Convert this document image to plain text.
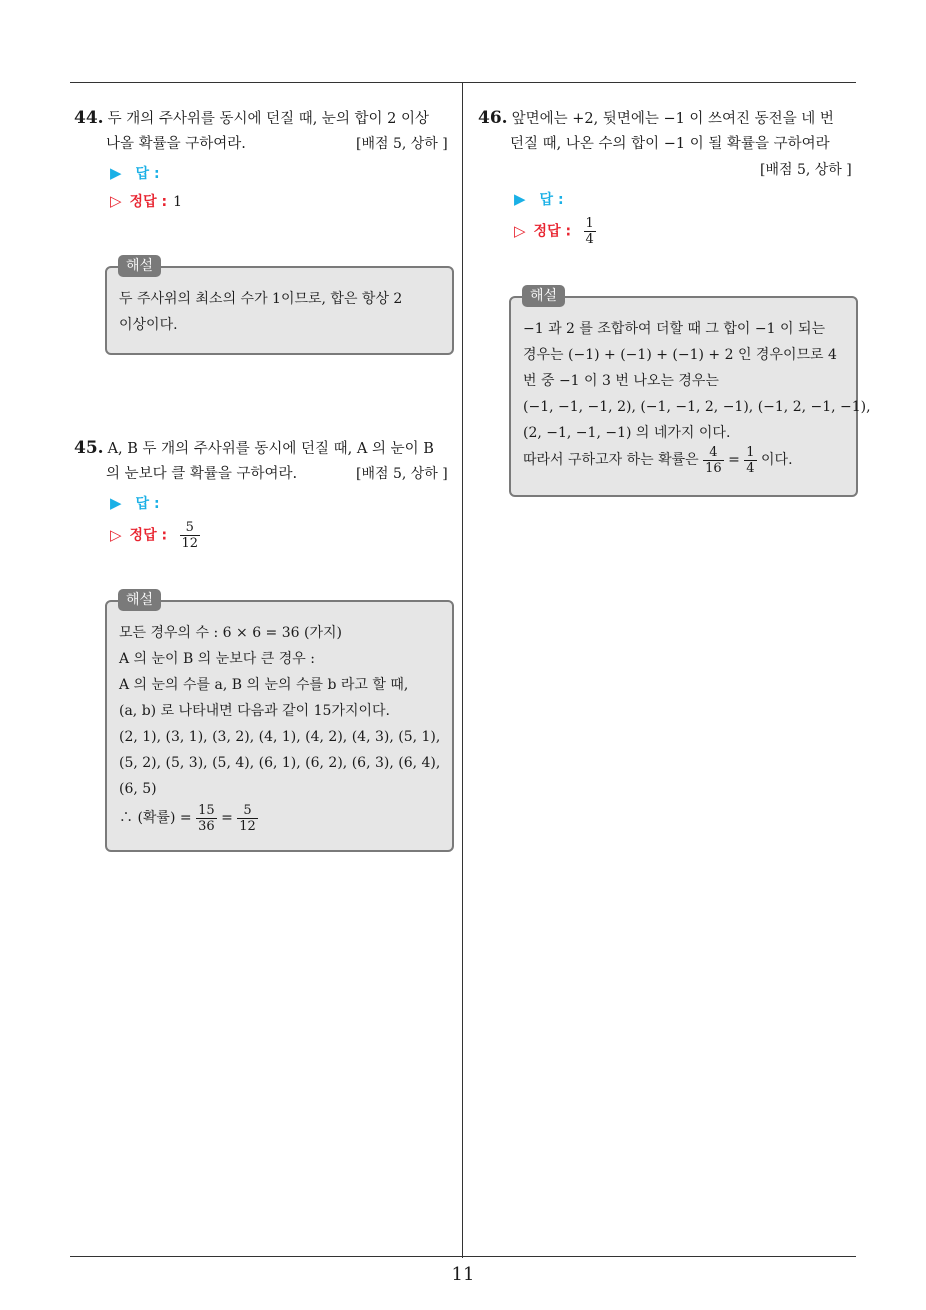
44. 두 개의 주사위를 동시에 던질 때, 눈의 합이 2 이상
나올 확률을 구하여라.	[배점 5, 상하 ]
▶ 답 :
▷ 정답 : 1
두 주사위의 최소의 수가 1이므로, 합은 항상 2
이상이다.
해설
45. A, B 두 개의 주사위를 동시에 던질 때, A 의 눈이 B
의 눈보다 클 확률을 구하여라.	[배점 5, 상하 ]
▶ 답 :
▷ 정답 : $\frac{5}{12}$
모든 경우의 수 : 6 × 6 = 36 (가지)
A 의 눈이 B 의 눈보다 큰 경우 :
A 의 눈의 수를 a, B 의 눈의 수를 b 라고 할 때,
(a, b) 로 나타내면 다음과 같이 15가지이다.
(2, 1), (3, 1), (3, 2), (4, 1), (4, 2), (4, 3), (5, 1),
(5, 2), (5, 3), (5, 4), (6, 1), (6, 2), (6, 3), (6, 4),
(6, 5)
∴ (확률) = $\frac{15}{36} = \frac{5}{12}$
해설
46. 앞면에는 +2, 뒷면에는 −1 이 쓰여진 동전을 네 번
던질 때, 나온 수의 합이 −1 이 될 확률을 구하여라
[배점 5, 상하 ]
▶ 답 :
▷ 정답 : $\frac{1}{4}$
−1 과 2 를 조합하여 더할 때 그 합이 −1 이 되는
경우는 (−1) + (−1) + (−1) + 2 인 경우이므로 4
번 중 −1 이 3 번 나오는 경우는
(−1, −1, −1, 2), (−1, −1, 2, −1), (−1, 2, −1, −1),
(2, −1, −1, −1) 의 네가지 이다.
따라서 구하고자 하는 확률은 $\frac{4}{16} = \frac{1}{4}$ 이다.
해설
11
